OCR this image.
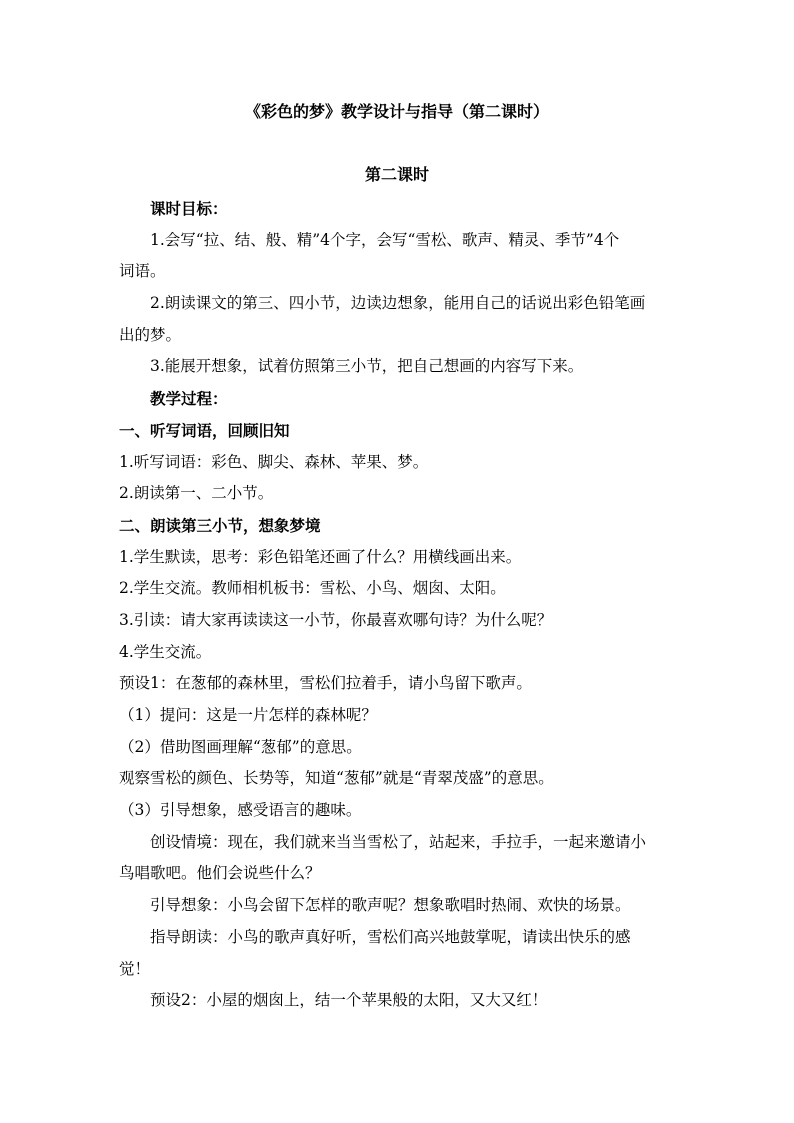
《彩色的梦》教学设计与指导（第二课时）
第二课时
课时目标：
1.会写“拉、结、般、精”4个字，会写“雪松、歌声、精灵、季节”4个
词语。
2.朗读课文的第三、四小节，边读边想象，能用自己的话说出彩色铅笔画
出的梦。
3.能展开想象，试着仿照第三小节，把自己想画的内容写下来。
教学过程：
一、听写词语，回顾旧知
1.听写词语：彩色、脚尖、森林、苹果、梦。
2.朗读第一、二小节。
二、朗读第三小节，想象梦境
1.学生默读，思考：彩色铅笔还画了什么？用横线画出来。
2.学生交流。教师相机板书：雪松、小鸟、烟囱、太阳。
3.引读：请大家再读读这一小节，你最喜欢哪句诗？为什么呢？
4.学生交流。
预设1：在葱郁的森林里，雪松们拉着手，请小鸟留下歌声。
（1）提问：这是一片怎样的森林呢？
（2）借助图画理解“葱郁”的意思。
观察雪松的颜色、长势等，知道“葱郁”就是“青翠茂盛”的意思。
（3）引导想象，感受语言的趣味。
创设情境：现在，我们就来当当雪松了，站起来，手拉手，一起来邀请小
鸟唱歌吧。他们会说些什么？
引导想象：小鸟会留下怎样的歌声呢？想象歌唱时热闹、欢快的场景。
指导朗读：小鸟的歌声真好听，雪松们高兴地鼓掌呢，请读出快乐的感
觉！
预设2：小屋的烟囱上，结一个苹果般的太阳，又大又红！
